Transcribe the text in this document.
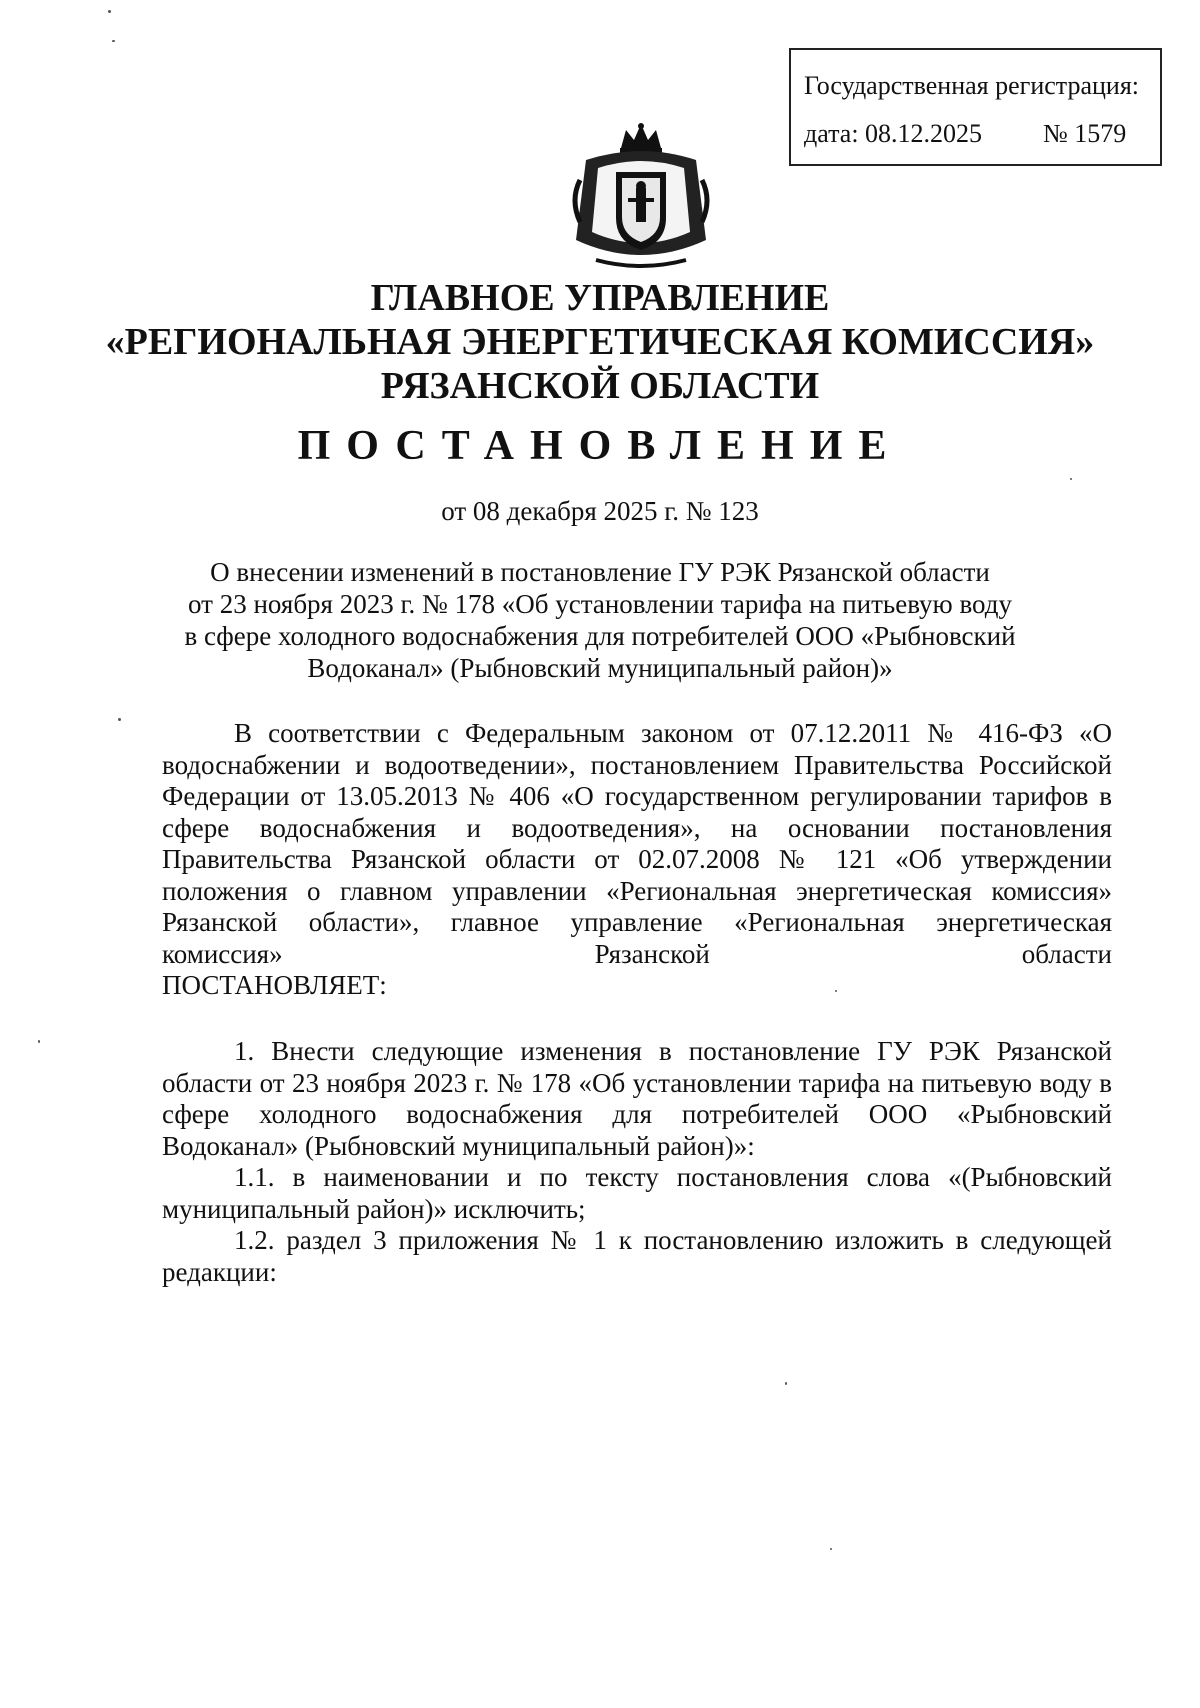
Государственная регистрация:
дата: 08.12.2025 № 1579
ГЛАВНОЕ УПРАВЛЕНИЕ
«РЕГИОНАЛЬНАЯ ЭНЕРГЕТИЧЕСКАЯ КОМИССИЯ»
РЯЗАНСКОЙ ОБЛАСТИ
ПОСТАНОВЛЕНИЕ
от 08 декабря 2025 г. № 123
О внесении изменений в постановление ГУ РЭК Рязанской области
от 23 ноября 2023 г. № 178 «Об установлении тарифа на питьевую воду
в сфере холодного водоснабжения для потребителей ООО «Рыбновский
Водоканал» (Рыбновский муниципальный район)»

В соответствии с Федеральным законом от 07.12.2011 № 416-ФЗ «О водоснабжении и водоотведении», постановлением Правительства Российской Федерации от 13.05.2013 № 406 «О государственном регулировании тарифов в сфере водоснабжения и водоотведения», на основании постановления Правительства Рязанской области от 02.07.2008 № 121 «Об утверждении положения о главном управлении «Региональная энергетическая комиссия» Рязанской области», главное управление «Региональная энергетическая комиссия» Рязанской области

ПОСТАНОВЛЯЕТ:

1. Внести следующие изменения в постановление ГУ РЭК Рязанской области от 23 ноября 2023 г. № 178 «Об установлении тарифа на питьевую воду в сфере холодного водоснабжения для потребителей ООО «Рыбновский Водоканал» (Рыбновский муниципальный район)»:

1.1. в наименовании и по тексту постановления слова «(Рыбновский муниципальный район)» исключить;

1.2. раздел 3 приложения № 1 к постановлению изложить в следующей редакции:
